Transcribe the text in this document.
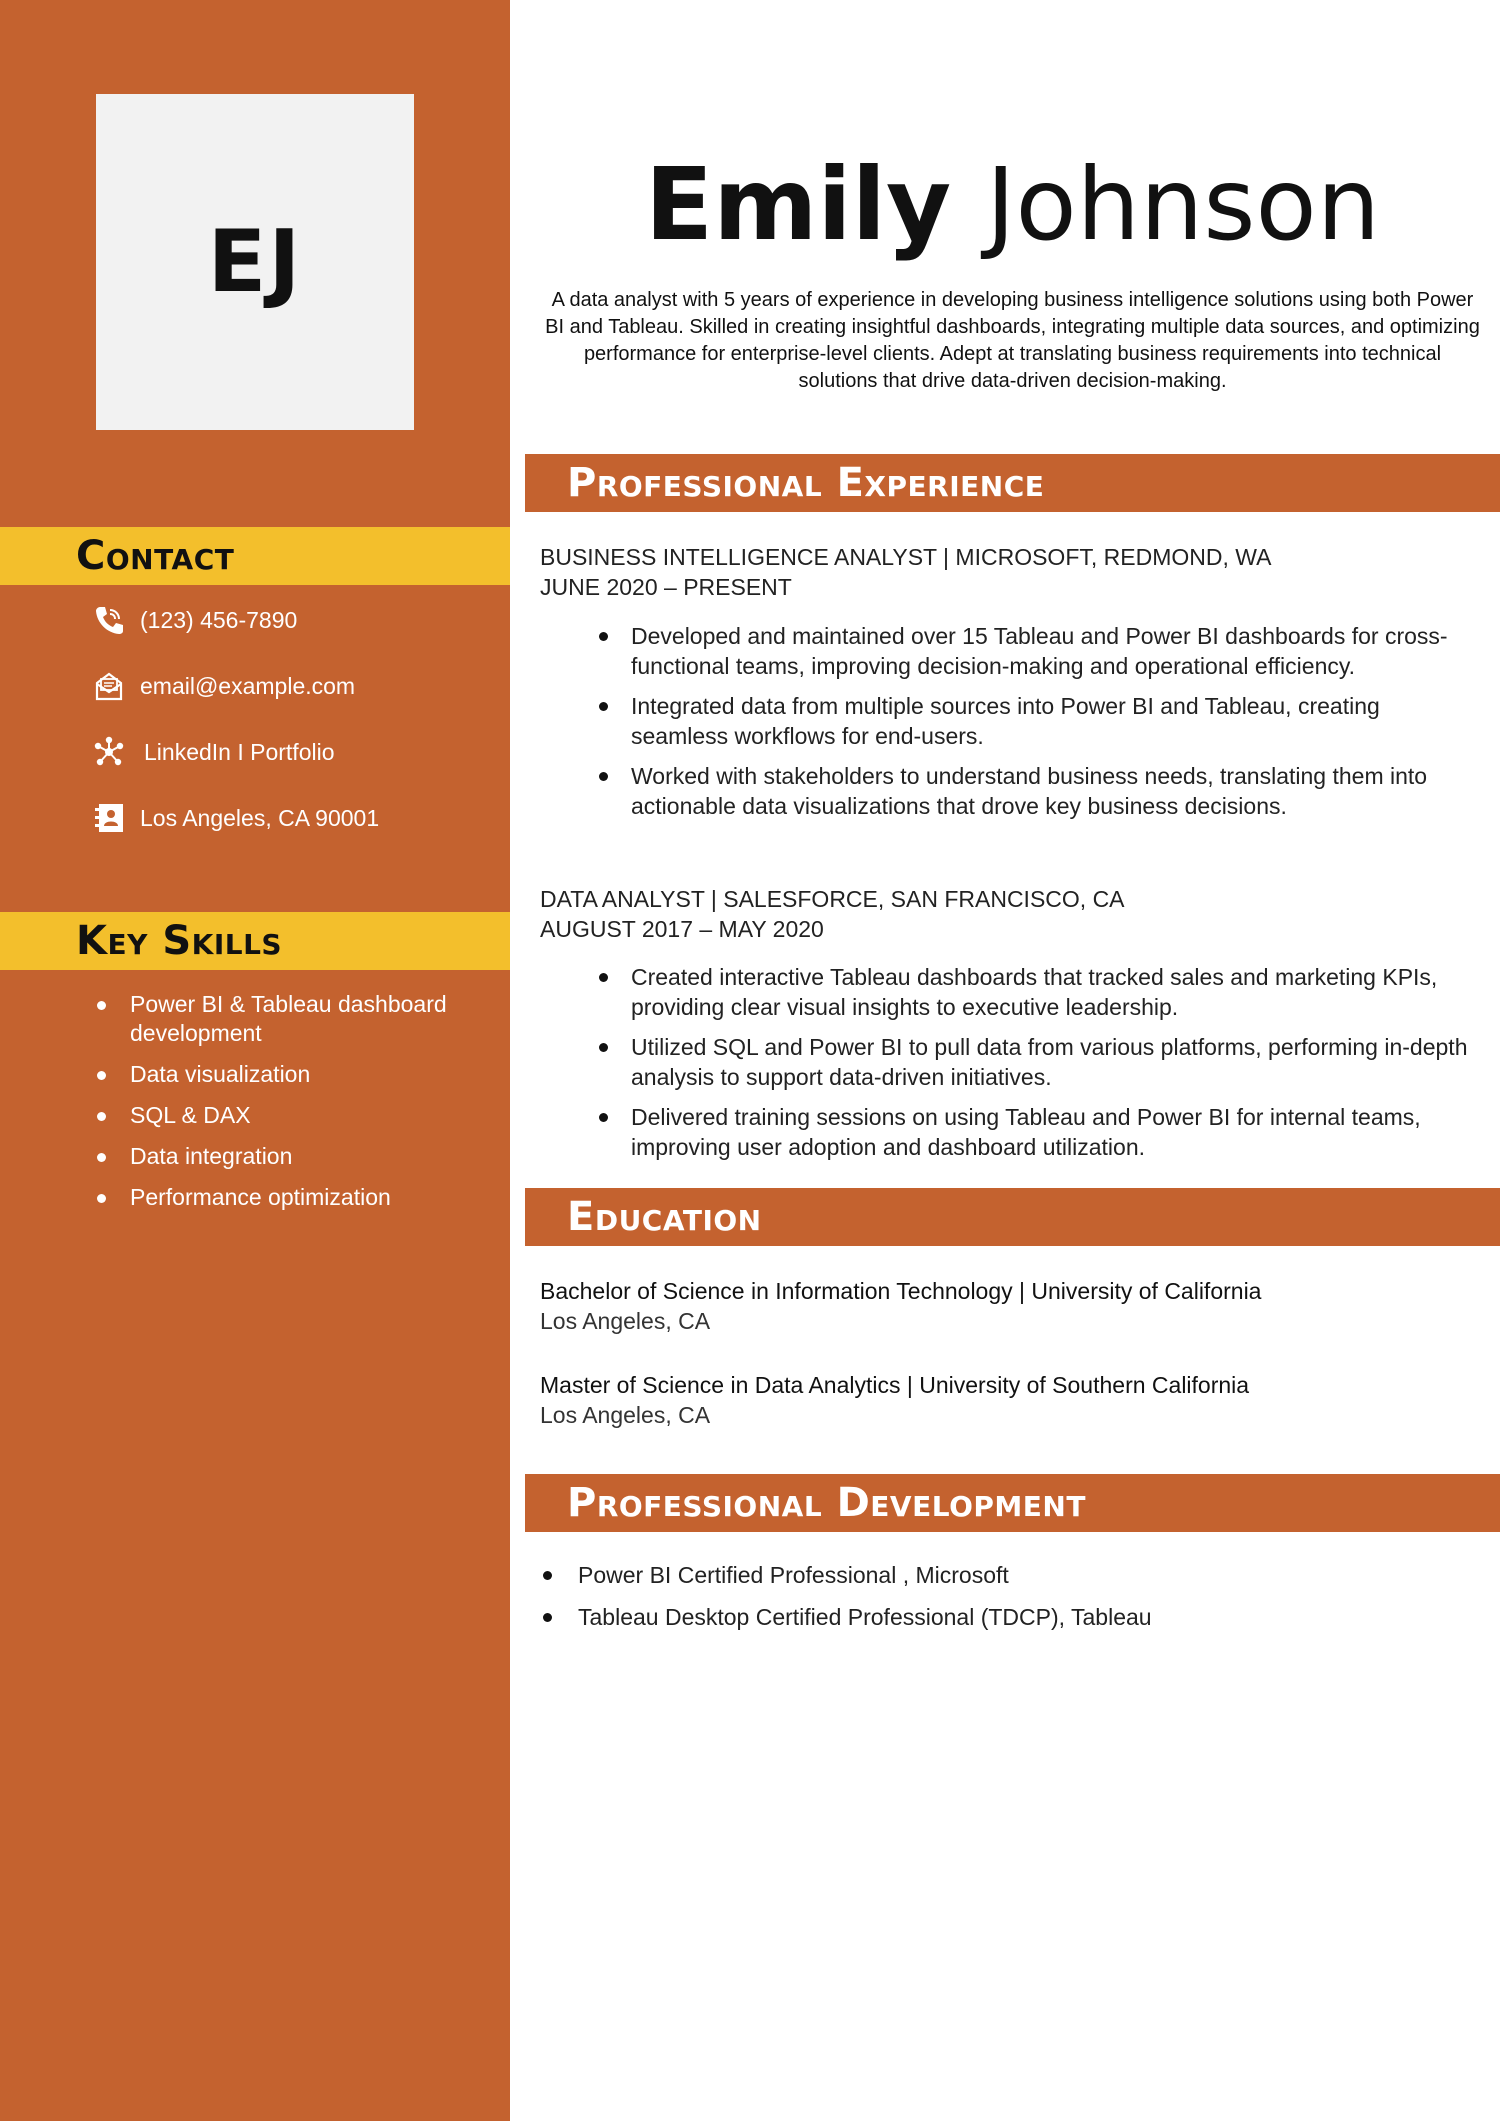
EJ
Contact
(123) 456-7890
email@example.com
LinkedIn I Portfolio
Los Angeles, CA 90001
Key Skills
Power BI & Tableau dashboard development
Data visualization
SQL & DAX
Data integration
Performance optimization
Emily Johnson

A data analyst with 5 years of experience in developing business intelligence solutions using both Power BI and Tableau. Skilled in creating insightful dashboards, integrating multiple data sources, and optimizing performance for enterprise-level clients. Adept at translating business requirements into technical solutions that drive data-driven decision-making.

Professional Experience
BUSINESS INTELLIGENCE ANALYST | MICROSOFT, REDMOND, WA
JUNE 2020 – PRESENT
Developed and maintained over 15 Tableau and Power BI dashboards for cross-functional teams, improving decision-making and operational efficiency.
Integrated data from multiple sources into Power BI and Tableau, creating seamless workflows for end-users.
Worked with stakeholders to understand business needs, translating them into actionable data visualizations that drove key business decisions.
DATA ANALYST | SALESFORCE, SAN FRANCISCO, CA
AUGUST 2017 – MAY 2020
Created interactive Tableau dashboards that tracked sales and marketing KPIs, providing clear visual insights to executive leadership.
Utilized SQL and Power BI to pull data from various platforms, performing in-depth analysis to support data-driven initiatives.
Delivered training sessions on using Tableau and Power BI for internal teams, improving user adoption and dashboard utilization.
Education
Bachelor of Science in Information Technology | University of California
Los Angeles, CA
Master of Science in Data Analytics | University of Southern California
Los Angeles, CA
Professional Development
Power BI Certified Professional , Microsoft
Tableau Desktop Certified Professional (TDCP), Tableau
